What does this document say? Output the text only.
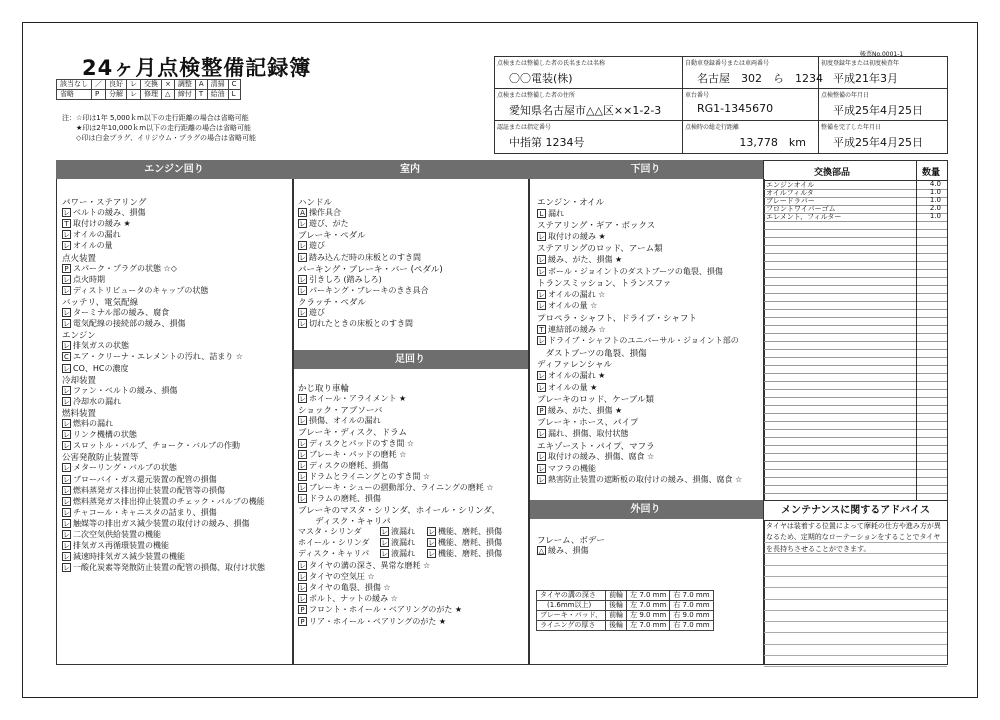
24ヶ月点検整備記録簿
帳票No.0001-1
該当なし	／	良好	レ	交換	×	調整	A	清掃	C
省略	P	分解	レ	修理	△	締付	T	給油	L
注：☆印は1年 5,000ｋm以下の走行距離の場合は省略可能
　　★印は2年10,000ｋm以下の走行距離の場合は省略可能
　　◇印は白金プラグ、イリジウム・プラグの場合は省略可能
点検または整備した者の氏名または名称
〇〇電装(株)
自動車登録番号または車両番号
名古屋　302　ら　1234
初度登録年または初度検査年
平成21年3月
点検または整備した者の住所
愛知県名古屋市△△区××1-2-3
車台番号
RG1-1345670
点検整備の年月日
平成25年4月25日
認証または指定番号
中指第 1234号
点検時の総走行距離
13,778　km
整備を完了した年月日
平成25年4月25日
エンジン回り	室内	下回り
足回り
外回り
パワー・ステアリング
レ ベルトの緩み、損傷
T 取付けの緩み ★
レ オイルの漏れ
レ オイルの量
点火装置
P スパーク・プラグの状態 ☆◇
レ 点火時期
レ ディストリビュータのキャップの状態
バッテリ、電気配線
レ ターミナル部の緩み、腐食
レ 電気配線の接続部の緩み、損傷
エンジン
レ 排気ガスの状態
C エア・クリーナ・エレメントの汚れ、詰まり ☆
レ CO、HCの濃度
冷却装置
レ ファン・ベルトの緩み、損傷
レ 冷却水の漏れ
燃料装置
レ 燃料の漏れ
レ リンク機構の状態
レ スロットル・バルブ、チョーク・バルブの作動
公害発散防止装置等
レ メターリング・バルブの状態
レ ブローバイ・ガス還元装置の配管の損傷
レ 燃料蒸発ガス排出抑止装置の配管等の損傷
レ 燃料蒸発ガス排出抑止装置のチェック・バルブの機能
レ チャコール・キャニスタの詰まり、損傷
レ 触媒等の排出ガス減少装置の取付けの緩み、損傷
レ 二次空気供給装置の機能
レ 排気ガス再循環装置の機能
レ 減速時排気ガス減少装置の機能
レ 一酸化炭素等発散防止装置の配管の損傷、取付け状態
ハンドル
A 操作具合
レ 遊び、がた
ブレーキ・ペダル
レ 遊び
レ 踏み込んだ時の床板とのすき間
パーキング・ブレーキ・バー (ペダル)
レ 引きしろ (踏みしろ)
レ パーキング・ブレーキのきき具合
クラッチ・ペダル
レ 遊び
レ 切れたときの床板とのすき間
かじ取り車輪
レ ホイール・アライメント ★
ショック・アブソーバ
レ 損傷、オイルの漏れ
ブレーキ・ディスク、ドラム
レ ディスクとパッドのすき間 ☆
レ ブレーキ・パッドの磨耗 ☆
レ ディスクの磨耗、損傷
レ ドラムとライニングとのすき間 ☆
レ ブレーキ・シューの摺動部分、ライニングの磨耗 ☆
レ ドラムの磨耗、損傷
ブレーキのマスタ・シリンダ、ホイール・シリンダ、
　　ディスク・キャリパ
マスタ・シリンダ	レ 液漏れ レ 機能、磨耗、損傷
ホイール・シリンダ レ 液漏れ レ 機能、磨耗、損傷
ディスク・キャリパ レ 液漏れ レ 機能、磨耗、損傷
レ タイヤの溝の深さ、異常な磨耗 ☆
レ タイヤの空気圧 ☆
レ タイヤの亀裂、損傷 ☆
レ ボルト、ナットの緩み ☆
P フロント・ホイール・ベアリングのがた ★
P リア・ホイール・ベアリングのがた ★
エンジン・オイル
L 漏れ
ステアリング・ギア・ボックス
レ 取付けの緩み ★
ステアリングのロッド、アーム類
レ 緩み、がた、損傷 ★
レ ボール・ジョイントのダストブーツの亀裂、損傷
トランスミッション、トランスファ
レ オイルの漏れ ☆
レ オイルの量 ☆
プロペラ・シャフト、ドライブ・シャフト
T 連結部の緩み ☆
レ ドライブ・シャフトのユニバーサル・ジョイント部の
　ダストブーツの亀裂、損傷
ディファレンシャル
レ オイルの漏れ ★
レ オイルの量 ★
ブレーキのロッド、ケーブル類
P 緩み、がた、損傷 ★
ブレーキ・ホース、パイプ
レ 漏れ、損傷、取付状態
エキゾースト・パイプ、マフラ
レ 取付けの緩み、損傷、腐食 ☆
レ マフラの機能
レ 熱害防止装置の遮断板の取付けの緩み、損傷、腐食 ☆
フレーム、ボデー
△ 緩み、損傷
タイヤの溝の深さ	前輪	左 7.0 mm	右 7.0 mm
　(1.6mm以上)	後輪	左 7.0 mm	右 7.0 mm
ブレーキ・パッド、	前輪	左 9.0 mm	右 9.0 mm
ライニングの厚さ	後輪	左 7.0 mm	右 7.0 mm
交換部品	数量
エンジンオイル	4.0
オイルフィルタ	1.0
ブレードラバー	1.0
フロントワイパーゴム	2.0
エレメント、フィルター	1.0
メンテナンスに関するアドバイス
タイヤは装着する位置によって摩耗の仕方や進み方が異なるため、定期的なローテーションをすることでタイヤを長持ちさせることができます。
